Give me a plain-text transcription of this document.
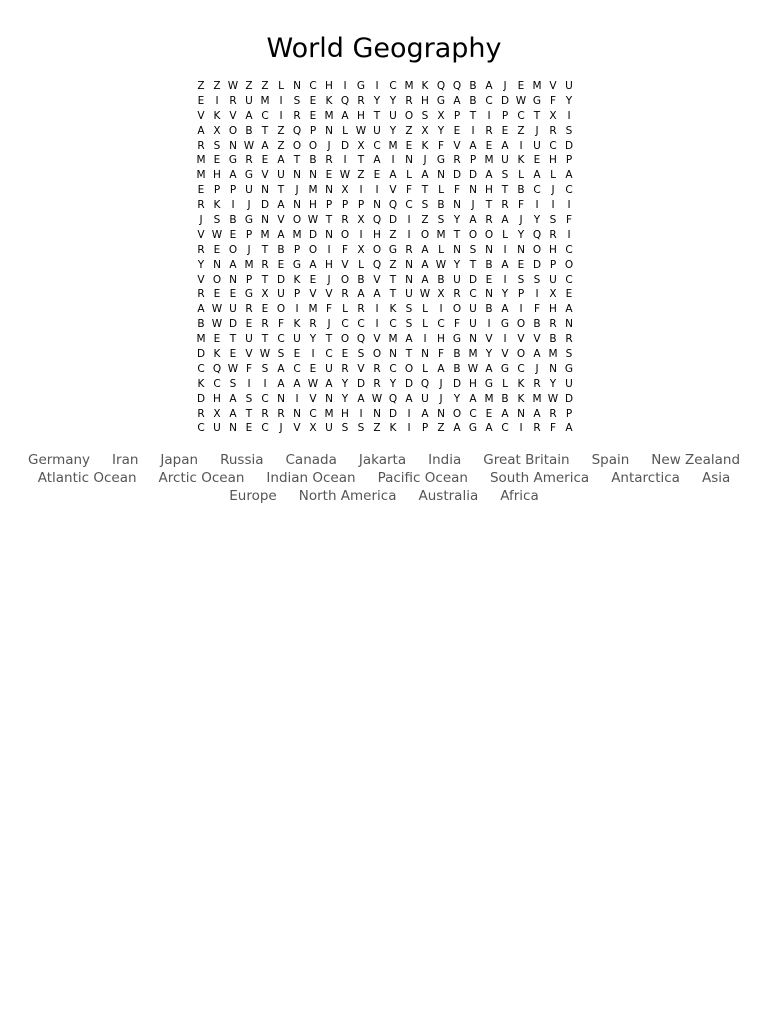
World Geography
Z Z W Z Z L N C H I G I	C M K Q Q B A	J	E M V U
E	I	R U M I	S E K Q R Y Y R H G A B C D W G F Y
V K V A C	I	R E M A H T U O S X P T	I	P C T X	I
A X O B T Z Q P N L W U Y Z X Y E	I	R E Z	J	R S
R S N W A Z O O J D X C M E K F V A E A	I	U C D
M E G R E A T B R	I	T A	I	N	J G R P M U K E H P
M H A G V U N N E W Z E A L A N D D A S L A L A
E P P U N T	J M N X	I	I	V F T L F N H T B C	J	C
R K	I	J D A N H P P P N Q C S B N	J	T R F	I	I	I
J	S B G N V O W T R X Q D I	Z S Y A R A	J	Y S F
V W E P M A M D N O I	H Z	I O M T O O L Y Q R	I
R E O J	T B P O I	F X O G R A L N S N	I	N O H C
Y N A M R E G A H V L Q Z N A W Y T B A E D P O
V O N P T D K E	J O B V T N A B U D E	I	S S U C
R E E G X U P V V R A A T U W X R C N Y P	I	X E
A W U R E O I M F L R	I	K S L	I O U B A	I	F H A
B W D E R F K R	J	C C	I	C S L C F U	I G O B R N
M E T U T C U Y T O Q V M A	I	H G N V	I	V V B R
D K E V W S E	I	C E S O N T N F B M Y V O A M S
C Q W F S A C E U R V R C O L A B W A G C	J	N G
K C S	I	I	A A W A Y D R Y D Q J D H G L K R Y U
D H A S C N	I	V N Y A W Q A U	J	Y A M B K M W D
R X A T R R N C M H I	N D I	A N O C E A N A R P
C U N E C	J	V X U S S Z K	I	P Z A G A C	I	R F A
Germany	Iran	Japan	Russia	Canada	Jakarta	India	Great Britain	Spain	New Zealand
Atlantic Ocean	Arctic Ocean	Indian Ocean	Pacific Ocean	South America	Antarctica	Asia
Europe	North America	Australia	Africa
